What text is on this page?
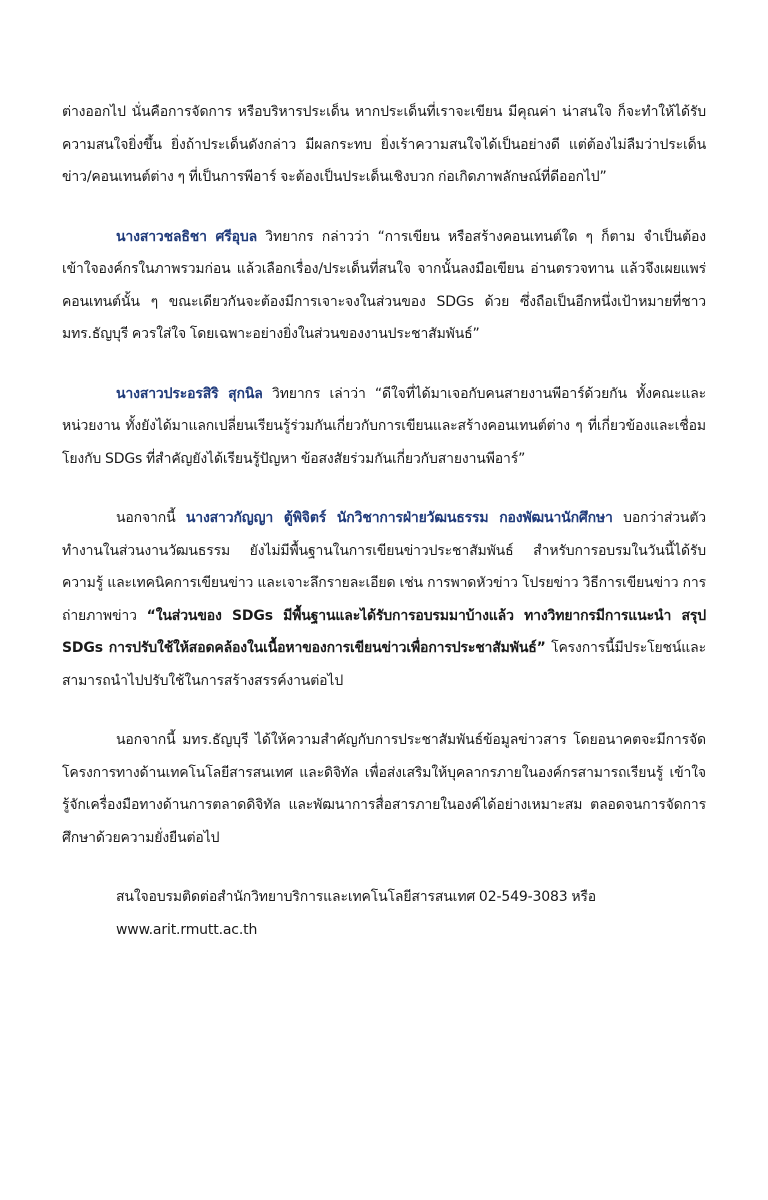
ต่างออกไป นั่นคือการจัดการ หรือบริหารประเด็น หากประเด็นที่เราจะเขียน มีคุณค่า น่าสนใจ ก็จะทำให้ได้รับความสนใจยิ่งขึ้น ยิ่งถ้าประเด็นดังกล่าว มีผลกระทบ ยิ่งเร้าความสนใจได้เป็นอย่างดี แต่ต้องไม่ลืมว่าประเด็นข่าว/คอนเทนต์ต่าง ๆ ที่เป็นการพีอาร์ จะต้องเป็นประเด็นเชิงบวก ก่อเกิดภาพลักษณ์ที่ดีออกไป”

นางสาวชลธิชา ศรีอุบล วิทยากร กล่าวว่า “การเขียน หรือสร้างคอนเทนต์ใด ๆ ก็ตาม จำเป็นต้องเข้าใจองค์กรในภาพรวมก่อน แล้วเลือกเรื่อง/ประเด็นที่สนใจ จากนั้นลงมือเขียน อ่านตรวจทาน แล้วจึงเผยแพร่คอนเทนต์นั้น ๆ ขณะเดียวกันจะต้องมีการเจาะจงในส่วนของ SDGs ด้วย ซึ่งถือเป็นอีกหนึ่งเป้าหมายที่ชาว มทร.ธัญบุรี ควรใส่ใจ โดยเฉพาะอย่างยิ่งในส่วนของงานประชาสัมพันธ์”

นางสาวประอรสิริ สุกนิล วิทยากร เล่าว่า “ดีใจที่ได้มาเจอกับคนสายงานพีอาร์ด้วยกัน ทั้งคณะและหน่วยงาน ทั้งยังได้มาแลกเปลี่ยนเรียนรู้ร่วมกันเกี่ยวกับการเขียนและสร้างคอนเทนต์ต่าง ๆ ที่เกี่ยวข้องและเชื่อมโยงกับ SDGs ที่สำคัญยังได้เรียนรู้ปัญหา ข้อสงสัยร่วมกันเกี่ยวกับสายงานพีอาร์”

นอกจากนี้ นางสาวกัญญา ตู้พิจิตร์ นักวิชาการฝ่ายวัฒนธรรม กองพัฒนานักศึกษา บอกว่าส่วนตัวทำงานในส่วนงานวัฒนธรรม ยังไม่มีพื้นฐานในการเขียนข่าวประชาสัมพันธ์ สำหรับการอบรมในวันนี้ได้รับความรู้ และเทคนิคการเขียนข่าว และเจาะลึกรายละเอียด เช่น การพาดหัวข่าว โปรยข่าว วิธีการเขียนข่าว การถ่ายภาพข่าว “ในส่วนของ SDGs มีพื้นฐานและได้รับการอบรมมาบ้างแล้ว ทางวิทยากรมีการแนะนำ สรุป SDGs การปรับใช้ให้สอดคล้องในเนื้อหาของการเขียนข่าวเพื่อการประชาสัมพันธ์” โครงการนี้มีประโยชน์และสามารถนำไปปรับใช้ในการสร้างสรรค์งานต่อไป

นอกจากนี้ มทร.ธัญบุรี ได้ให้ความสำคัญกับการประชาสัมพันธ์ข้อมูลข่าวสาร โดยอนาคตจะมีการจัดโครงการทางด้านเทคโนโลยีสารสนเทศ และดิจิทัล เพื่อส่งเสริมให้บุคลากรภายในองค์กรสามารถเรียนรู้ เข้าใจ รู้จักเครื่องมือทางด้านการตลาดดิจิทัล และพัฒนาการสื่อสารภายในองค์ได้อย่างเหมาะสม ตลอดจนการจัดการศึกษาด้วยความยั่งยืนต่อไป

สนใจอบรมติดต่อสำนักวิทยาบริการและเทคโนโลยีสารสนเทศ 02-549-3083 หรือ www.arit.rmutt.ac.th
